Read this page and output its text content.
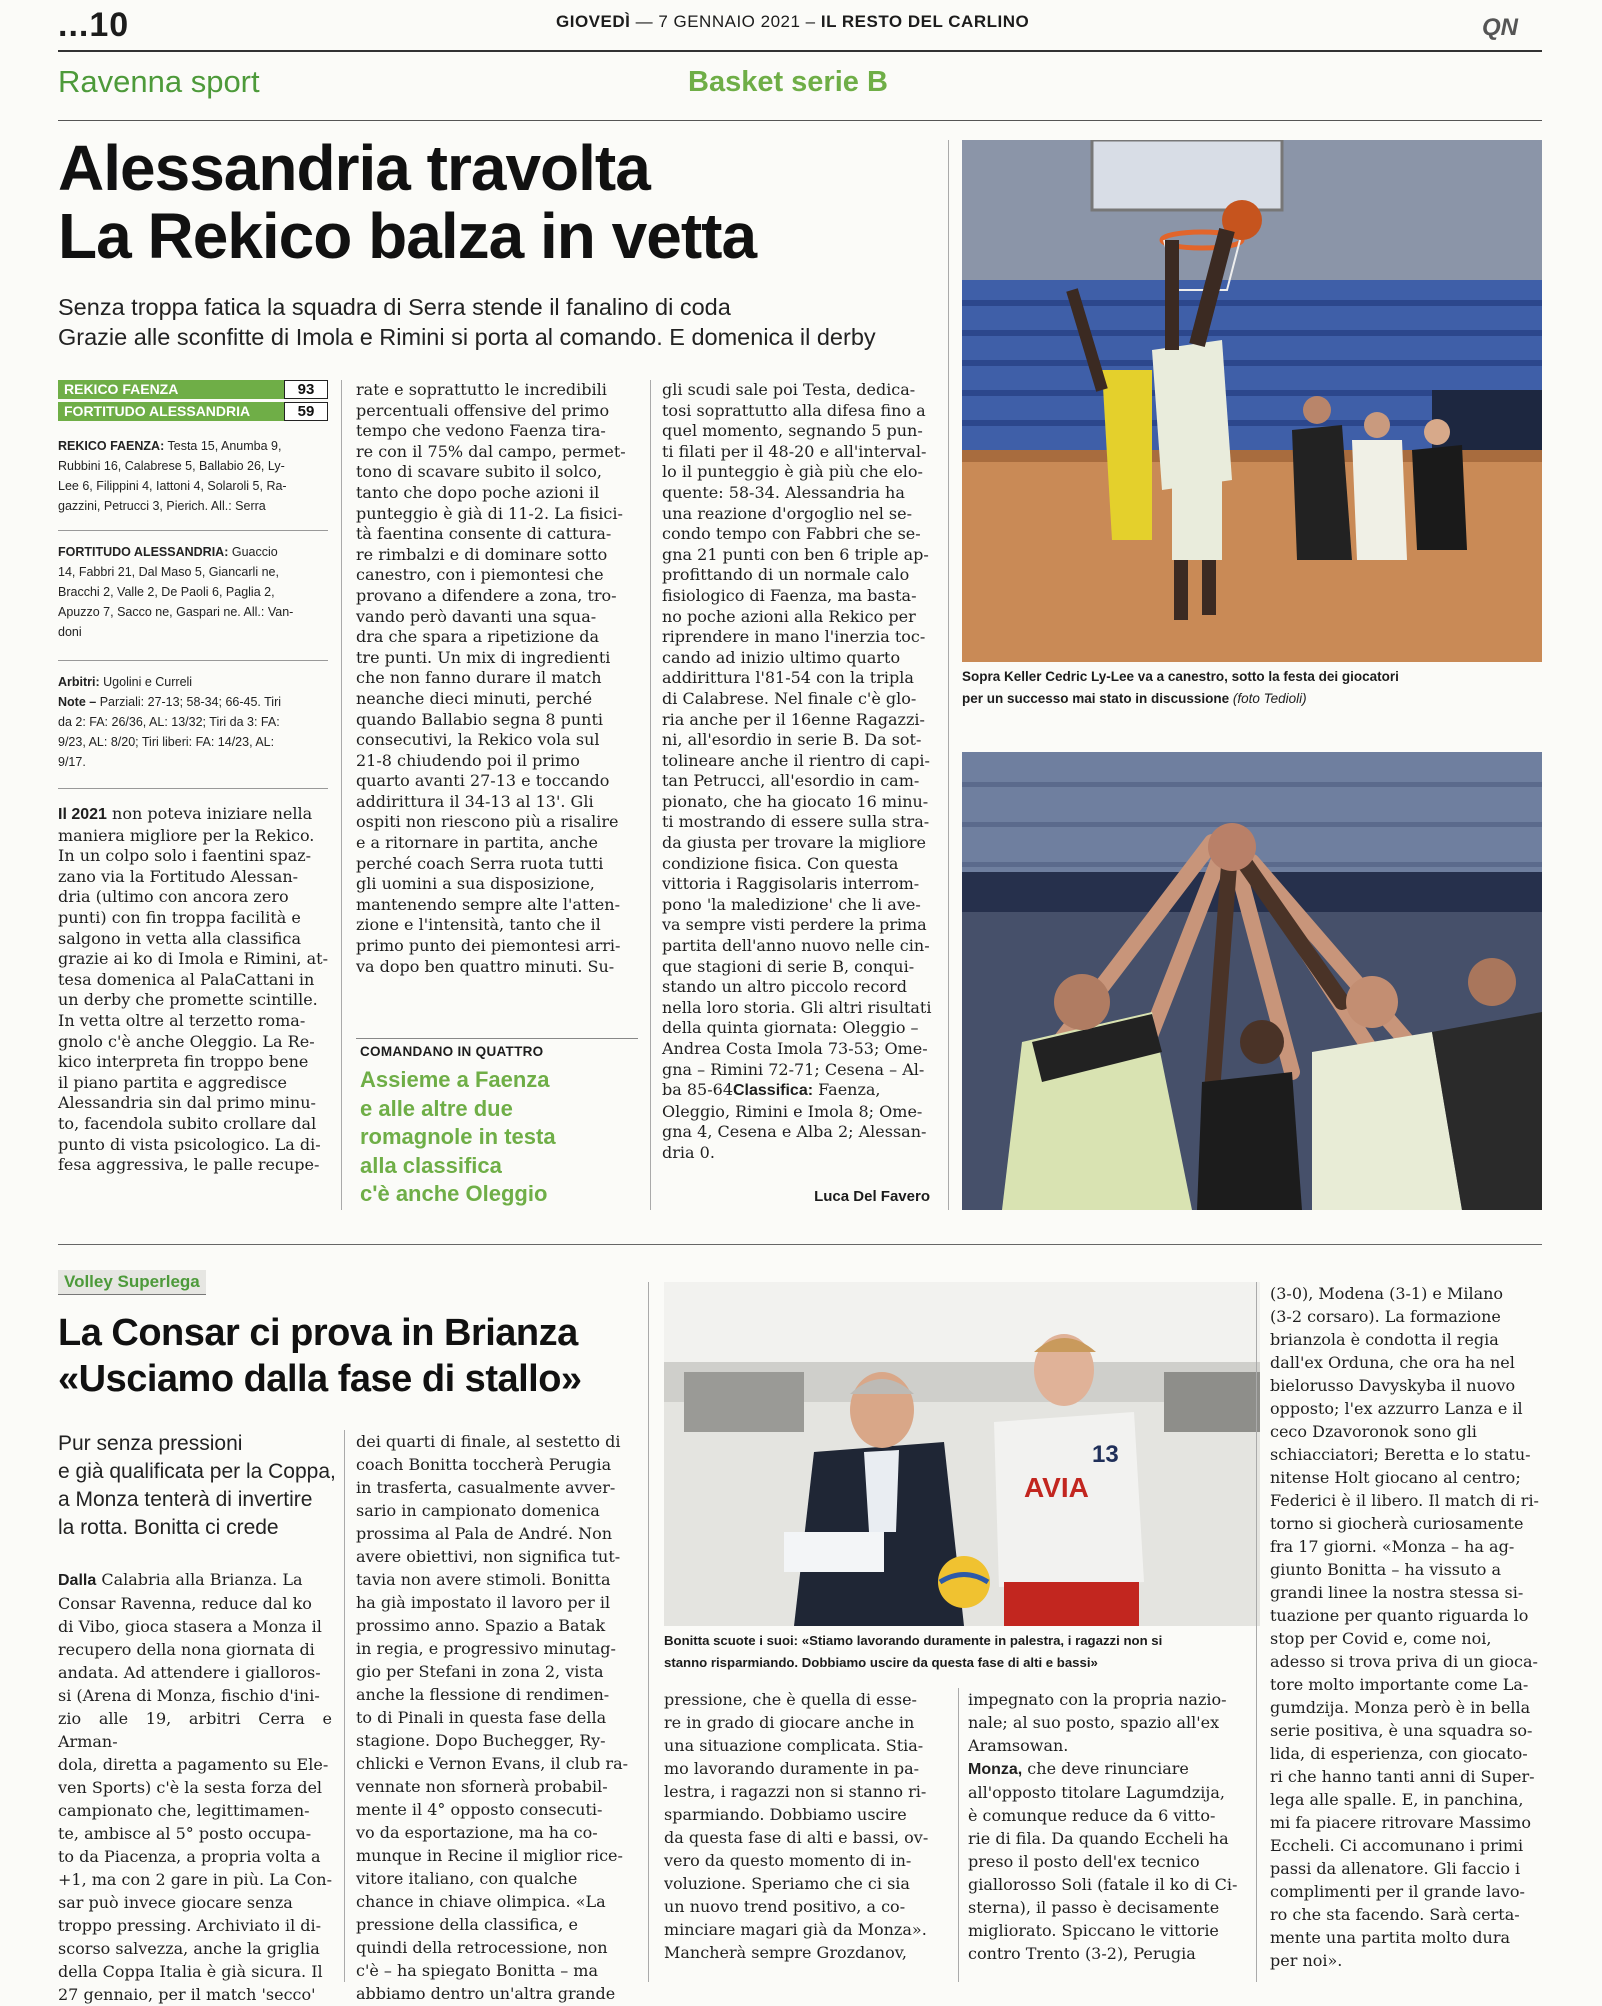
...10	GIOVEDÌ — 7 GENNAIO 2021 – IL RESTO DEL CARLINO	QN
Ravenna sport	Basket serie B
Alessandria travolta
La Rekico balza in vetta
Senza troppa fatica la squadra di Serra stende il fanalino di coda
Grazie alle sconfitte di Imola e Rimini si porta al comando. E domenica il derby
REKICO FAENZA	93
FORTITUDO ALESSANDRIA	59
REKICO FAENZA: Testa 15, Anumba 9,
Rubbini 16, Calabrese 5, Ballabio 26, Ly-
Lee 6, Filippini 4, Iattoni 4, Solaroli 5, Ra-
gazzini, Petrucci 3, Pierich. All.: Serra
FORTITUDO ALESSANDRIA: Guaccio
14, Fabbri 21, Dal Maso 5, Giancarli ne,
Bracchi 2, Valle 2, De Paoli 6, Paglia 2,
Apuzzo 7, Sacco ne, Gaspari ne. All.: Van-
doni
Arbitri: Ugolini e Curreli
Note – Parziali: 27-13; 58-34; 66-45. Tiri
da 2: FA: 26/36, AL: 13/32; Tiri da 3: FA:
9/23, AL: 8/20; Tiri liberi: FA: 14/23, AL:
9/17.
Il 2021 non poteva iniziare nella
maniera migliore per la Rekico.
In un colpo solo i faentini spaz-
zano via la Fortitudo Alessan-
dria (ultimo con ancora zero
punti) con fin troppa facilità e
salgono in vetta alla classifica
grazie ai ko di Imola e Rimini, at-
tesa domenica al PalaCattani in
un derby che promette scintille.
In vetta oltre al terzetto roma-
gnolo c'è anche Oleggio. La Re-
kico interpreta fin troppo bene
il piano partita e aggredisce
Alessandria sin dal primo minu-
to, facendola subito crollare dal
punto di vista psicologico. La di-
fesa aggressiva, le palle recupe-
rate e soprattutto le incredibili
percentuali offensive del primo
tempo che vedono Faenza tira-
re con il 75% dal campo, permet-
tono di scavare subito il solco,
tanto che dopo poche azioni il
punteggio è già di 11-2. La fisici-
tà faentina consente di cattura-
re rimbalzi e di dominare sotto
canestro, con i piemontesi che
provano a difendere a zona, tro-
vando però davanti una squa-
dra che spara a ripetizione da
tre punti. Un mix di ingredienti
che non fanno durare il match
neanche dieci minuti, perché
quando Ballabio segna 8 punti
consecutivi, la Rekico vola sul
21-8 chiudendo poi il primo
quarto avanti 27-13 e toccando
addirittura il 34-13 al 13'. Gli
ospiti non riescono più a risalire
e a ritornare in partita, anche
perché coach Serra ruota tutti
gli uomini a sua disposizione,
mantenendo sempre alte l'atten-
zione e l'intensità, tanto che il
primo punto dei piemontesi arri-
va dopo ben quattro minuti. Su-
COMANDANO IN QUATTRO
Assieme a Faenza
e alle altre due
romagnole in testa
alla classifica
c'è anche Oleggio
gli scudi sale poi Testa, dedica-
tosi soprattutto alla difesa fino a
quel momento, segnando 5 pun-
ti filati per il 48-20 e all'interval-
lo il punteggio è già più che elo-
quente: 58-34. Alessandria ha
una reazione d'orgoglio nel se-
condo tempo con Fabbri che se-
gna 21 punti con ben 6 triple ap-
profittando di un normale calo
fisiologico di Faenza, ma basta-
no poche azioni alla Rekico per
riprendere in mano l'inerzia toc-
cando ad inizio ultimo quarto
addirittura l'81-54 con la tripla
di Calabrese. Nel finale c'è glo-
ria anche per il 16enne Ragazzi-
ni, all'esordio in serie B. Da sot-
tolineare anche il rientro di capi-
tan Petrucci, all'esordio in cam-
pionato, che ha giocato 16 minu-
ti mostrando di essere sulla stra-
da giusta per trovare la migliore
condizione fisica. Con questa
vittoria i Raggisolaris interrom-
pono 'la maledizione' che li ave-
va sempre visti perdere la prima
partita dell'anno nuovo nelle cin-
que stagioni di serie B, conqui-
stando un altro piccolo record
nella loro storia. Gli altri risultati
della quinta giornata: Oleggio –
Andrea Costa Imola 73-53; Ome-
gna – Rimini 72-71; Cesena – Al-
ba 85-64Classifica: Faenza,
Oleggio, Rimini e Imola 8; Ome-
gna 4, Cesena e Alba 2; Alessan-
dria 0.
Luca Del Favero
Sopra Keller Cedric Ly-Lee va a canestro, sotto la festa dei giocatori
per un successo mai stato in discussione (foto Tedioli)
Volley Superlega
La Consar ci prova in Brianza
«Usciamo dalla fase di stallo»
Pur senza pressioni
e già qualificata per la Coppa,
a Monza tenterà di invertire
la rotta. Bonitta ci crede
Dalla Calabria alla Brianza. La
Consar Ravenna, reduce dal ko
di Vibo, gioca stasera a Monza il
recupero della nona giornata di
andata. Ad attendere i gialloros-
si (Arena di Monza, fischio d'ini-
zio alle 19, arbitri Cerra e Arman-
dola, diretta a pagamento su Ele-
ven Sports) c'è la sesta forza del
campionato che, legittimamen-
te, ambisce al 5° posto occupa-
to da Piacenza, a propria volta a
+1, ma con 2 gare in più. La Con-
sar può invece giocare senza
troppo pressing. Archiviato il di-
scorso salvezza, anche la griglia
della Coppa Italia è già sicura. Il
27 gennaio, per il match 'secco'
dei quarti di finale, al sestetto di
coach Bonitta toccherà Perugia
in trasferta, casualmente avver-
sario in campionato domenica
prossima al Pala de André. Non
avere obiettivi, non significa tut-
tavia non avere stimoli. Bonitta
ha già impostato il lavoro per il
prossimo anno. Spazio a Batak
in regia, e progressivo minutag-
gio per Stefani in zona 2, vista
anche la flessione di rendimen-
to di Pinali in questa fase della
stagione. Dopo Buchegger, Ry-
chlicki e Vernon Evans, il club ra-
vennate non sfornerà probabil-
mente il 4° opposto consecuti-
vo da esportazione, ma ha co-
munque in Recine il miglior rice-
vitore italiano, con qualche
chance in chiave olimpica. «La
pressione della classifica, e
quindi della retrocessione, non
c'è – ha spiegato Bonitta – ma
abbiamo dentro un'altra grande
AVIA
13
Bonitta scuote i suoi: «Stiamo lavorando duramente in palestra, i ragazzi non si
stanno risparmiando. Dobbiamo uscire da questa fase di alti e bassi»
pressione, che è quella di esse-
re in grado di giocare anche in
una situazione complicata. Stia-
mo lavorando duramente in pa-
lestra, i ragazzi non si stanno ri-
sparmiando. Dobbiamo uscire
da questa fase di alti e bassi, ov-
vero da questo momento di in-
voluzione. Speriamo che ci sia
un nuovo trend positivo, a co-
minciare magari già da Monza».
Mancherà sempre Grozdanov,
impegnato con la propria nazio-
nale; al suo posto, spazio all'ex
Aramsowan.
Monza, che deve rinunciare
all'opposto titolare Lagumdzija,
è comunque reduce da 6 vitto-
rie di fila. Da quando Eccheli ha
preso il posto dell'ex tecnico
giallorosso Soli (fatale il ko di Ci-
sterna), il passo è decisamente
migliorato. Spiccano le vittorie
contro Trento (3-2), Perugia
(3-0), Modena (3-1) e Milano
(3-2 corsaro). La formazione
brianzola è condotta il regia
dall'ex Orduna, che ora ha nel
bielorusso Davyskyba il nuovo
opposto; l'ex azzurro Lanza e il
ceco Dzavoronok sono gli
schiacciatori; Beretta e lo statu-
nitense Holt giocano al centro;
Federici è il libero. Il match di ri-
torno si giocherà curiosamente
fra 17 giorni. «Monza – ha ag-
giunto Bonitta – ha vissuto a
grandi linee la nostra stessa si-
tuazione per quanto riguarda lo
stop per Covid e, come noi,
adesso si trova priva di un gioca-
tore molto importante come La-
gumdzija. Monza però è in bella
serie positiva, è una squadra so-
lida, di esperienza, con giocato-
ri che hanno tanti anni di Super-
lega alle spalle. E, in panchina,
mi fa piacere ritrovare Massimo
Eccheli. Ci accomunano i primi
passi da allenatore. Gli faccio i
complimenti per il grande lavo-
ro che sta facendo. Sarà certa-
mente una partita molto dura
per noi».
